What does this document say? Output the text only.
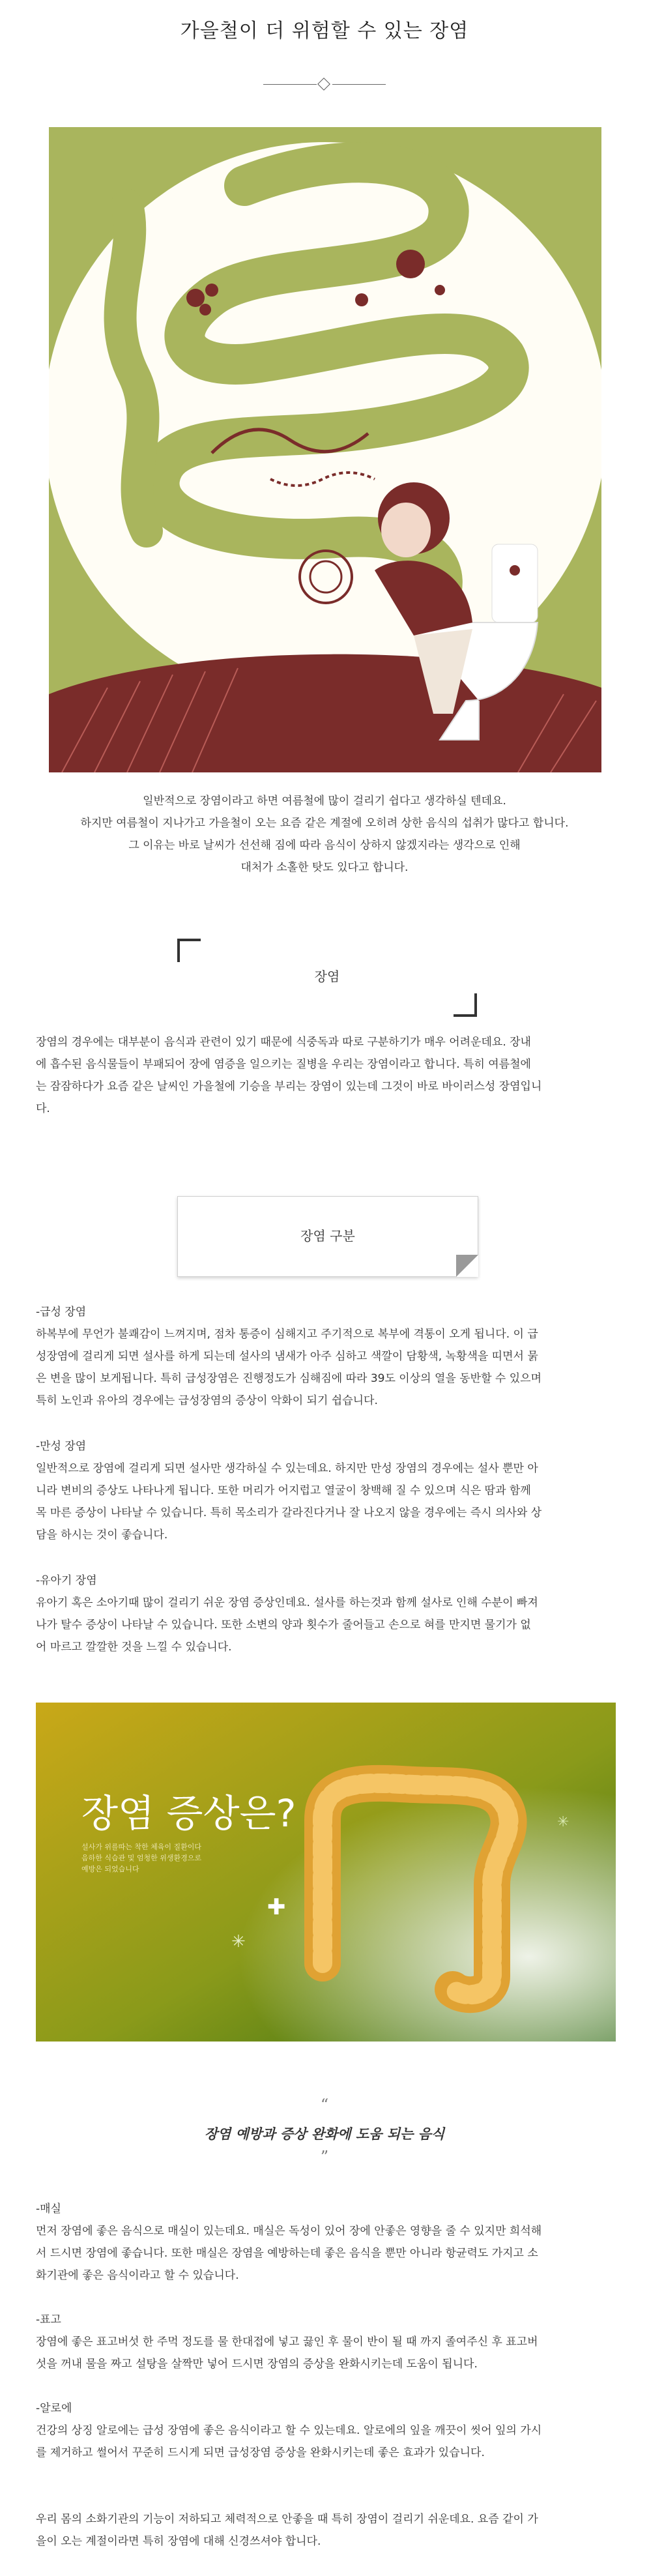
가을철이 더 위험할 수 있는 장염
일반적으로 장염이라고 하면 여름철에 많이 걸리기 쉽다고 생각하실 텐데요.
하지만 여름철이 지나가고 가을철이 오는 요즘 같은 계절에 오히려 상한 음식의 섭취가 많다고 합니다.
그 이유는 바로 날씨가 선선해 짐에 따라 음식이 상하지 않겠지라는 생각으로 인해
대처가 소홀한 탓도 있다고 합니다.
장염
장염의 경우에는 대부분이 음식과 관련이 있기 때문에 식중독과 따로 구분하기가 매우 어려운데요. 장내
에 흡수된 음식물들이 부패되어 장에 염증을 일으키는 질병을 우리는 장염이라고 합니다. 특히 여름철에
는 잠잠하다가 요즘 같은 날씨인 가을철에 기승을 부리는 장염이 있는데 그것이 바로 바이러스성 장염입니
다.
장염 구분
-급성 장염
하복부에 무언가 불쾌감이 느껴지며, 점차 통증이 심해지고 주기적으로 복부에 격통이 오게 됩니다. 이 급
성장염에 걸리게 되면 설사를 하게 되는데 설사의 냄새가 아주 심하고 색깔이 담황색, 녹황색을 띠면서 묽
은 변을 많이 보게됩니다. 특히 급성장염은 진행정도가 심해짐에 따라 39도 이상의 열을 동반할 수 있으며
특히 노인과 유아의 경우에는 급성장염의 증상이 악화이 되기 쉽습니다.
-만성 장염
일반적으로 장염에 걸리게 되면 설사만 생각하실 수 있는데요. 하지만 만성 장염의 경우에는 설사 뿐만 아
니라 변비의 증상도 나타나게 됩니다. 또한 머리가 어지럽고 열굴이 창백해 질 수 있으며 식은 땀과 함께
목 마른 증상이 나타날 수 있습니다. 특히 목소리가 갈라진다거나 잘 나오지 않을 경우에는 즉시 의사와 상
담을 하시는 것이 좋습니다.
-유아기 장염
유아기 혹은 소아기때 많이 걸리기 쉬운 장염 증상인데요. 설사를 하는것과 함께 설사로 인해 수분이 빠져
나가 탈수 증상이 나타날 수 있습니다. 또한 소변의 양과 횟수가 줄어들고 손으로 혀를 만지면 물기가 없
어 마르고 깔깔한 것을 느낄 수 있습니다.
장염 증상은?
설사가 위를따는 착한 체육이 질환이다
음하한 식습관 및 엄청한 위생환경으로
예방은 되었습니다
✚
✳
✳
“
장염 예방과 증상 완화에 도움 되는 음식
”
-매실
먼저 장염에 좋은 음식으로 매실이 있는데요. 매실은 독성이 있어 장에 안좋은 영향을 줄 수 있지만 희석해
서 드시면 장염에 좋습니다. 또한 매실은 장염을 예방하는데 좋은 음식을 뿐만 아니라 항균력도 가지고 소
화기관에 좋은 음식이라고 할 수 있습니다.
-표고
장염에 좋은 표고버섯 한 주먹 정도를 물 한대접에 넣고 끓인 후 물이 반이 될 때 까지 졸여주신 후 표고버
섯을 꺼내 물을 짜고 설탕을 살짝만 넣어 드시면 장염의 증상을 완화시키는데 도움이 됩니다.
-알로에
건강의 상징 알로에는 급성 장염에 좋은 음식이라고 할 수 있는데요. 알로에의 잎을 깨끗이 씻어 잎의 가시
를 제거하고 썰어서 꾸준히 드시게 되면 급성장염 증상을 완화시키는데 좋은 효과가 있습니다.
우리 몸의 소화기관의 기능이 저하되고 체력적으로 안좋을 때 특히 장염이 걸리기 쉬운데요. 요즘 같이 가
을이 오는 계절이라면 특히 장염에 대해 신경쓰셔야 합니다.
